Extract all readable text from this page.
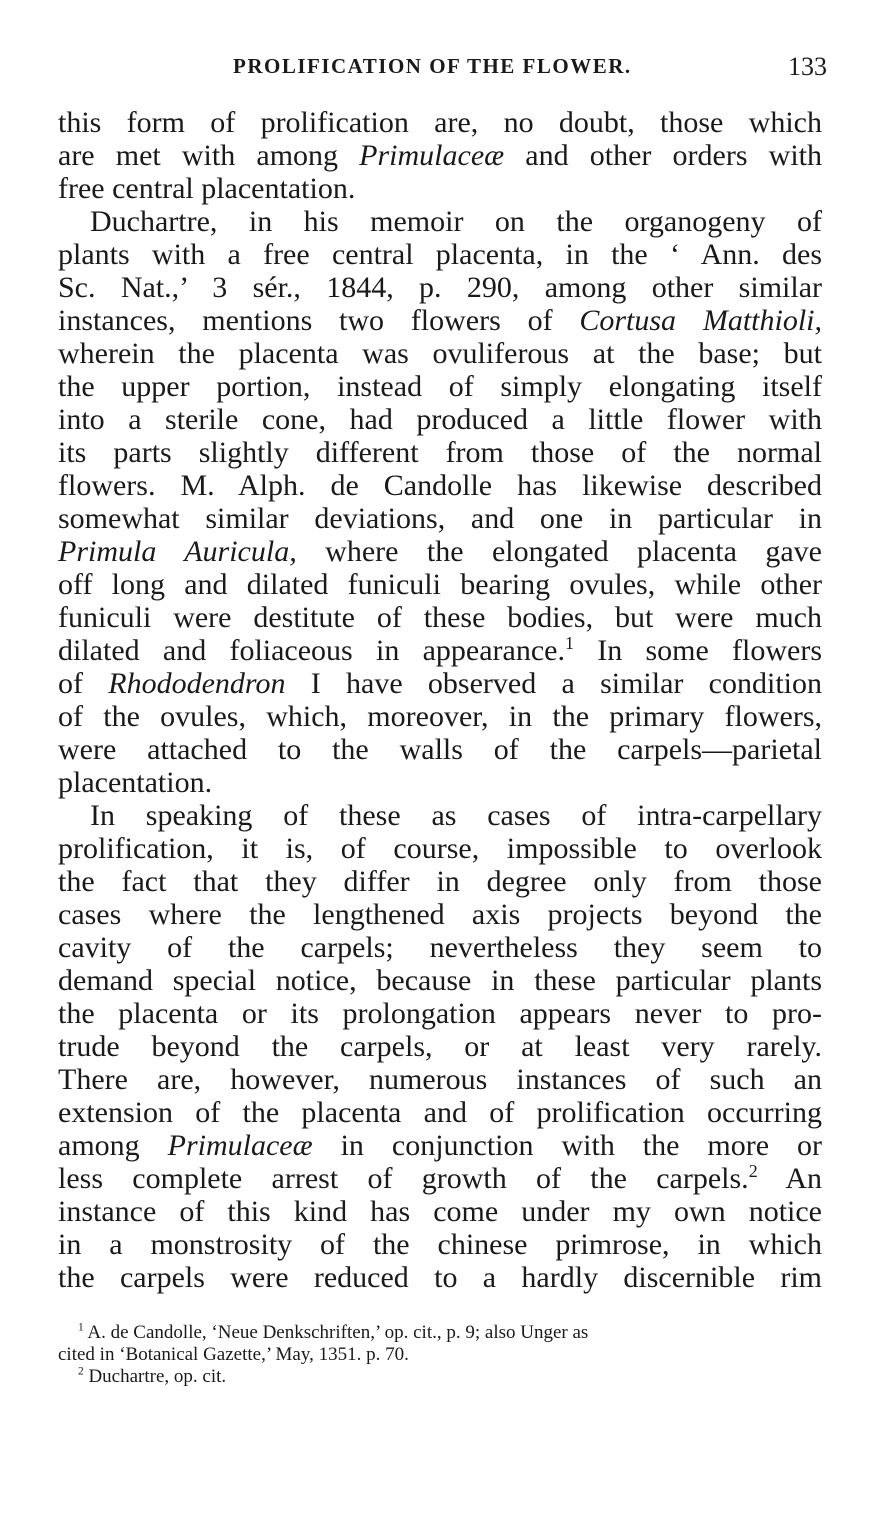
PROLIFICATION OF THE FLOWER.	133
this form of prolification are, no doubt, those which
are met with among Primulaceæ and other orders with
free central placentation.
Duchartre, in his memoir on the organogeny of
plants with a free central placenta, in the ‘ Ann. des
Sc. Nat.,’ 3 sér., 1844, p. 290, among other similar
instances, mentions two flowers of Cortusa Matthioli,
wherein the placenta was ovuliferous at the base; but
the upper portion, instead of simply elongating itself
into a sterile cone, had produced a little flower with
its parts slightly different from those of the normal
flowers. M. Alph. de Candolle has likewise described
somewhat similar deviations, and one in particular in
Primula Auricula, where the elongated placenta gave
off long and dilated funiculi bearing ovules, while other
funiculi were destitute of these bodies, but were much
dilated and foliaceous in appearance.$^1$ In some flowers
of Rhododendron I have observed a similar condition
of the ovules, which, moreover, in the primary flowers,
were attached to the walls of the carpels—parietal
placentation.
In speaking of these as cases of intra-carpellary
prolification, it is, of course, impossible to overlook
the fact that they differ in degree only from those
cases where the lengthened axis projects beyond the
cavity of the carpels; nevertheless they seem to
demand special notice, because in these particular plants
the placenta or its prolongation appears never to pro-
trude beyond the carpels, or at least very rarely.
There are, however, numerous instances of such an
extension of the placenta and of prolification occurring
among Primulaceæ in conjunction with the more or
less complete arrest of growth of the carpels.$^2$ An
instance of this kind has come under my own notice
in a monstrosity of the chinese primrose, in which
the carpels were reduced to a hardly discernible rim
$^1$ A. de Candolle, ‘Neue Denkschriften,’ op. cit., p. 9; also Unger as
cited in ‘Botanical Gazette,’ May, 1351. p. 70.
$^2$ Duchartre, op. cit.
